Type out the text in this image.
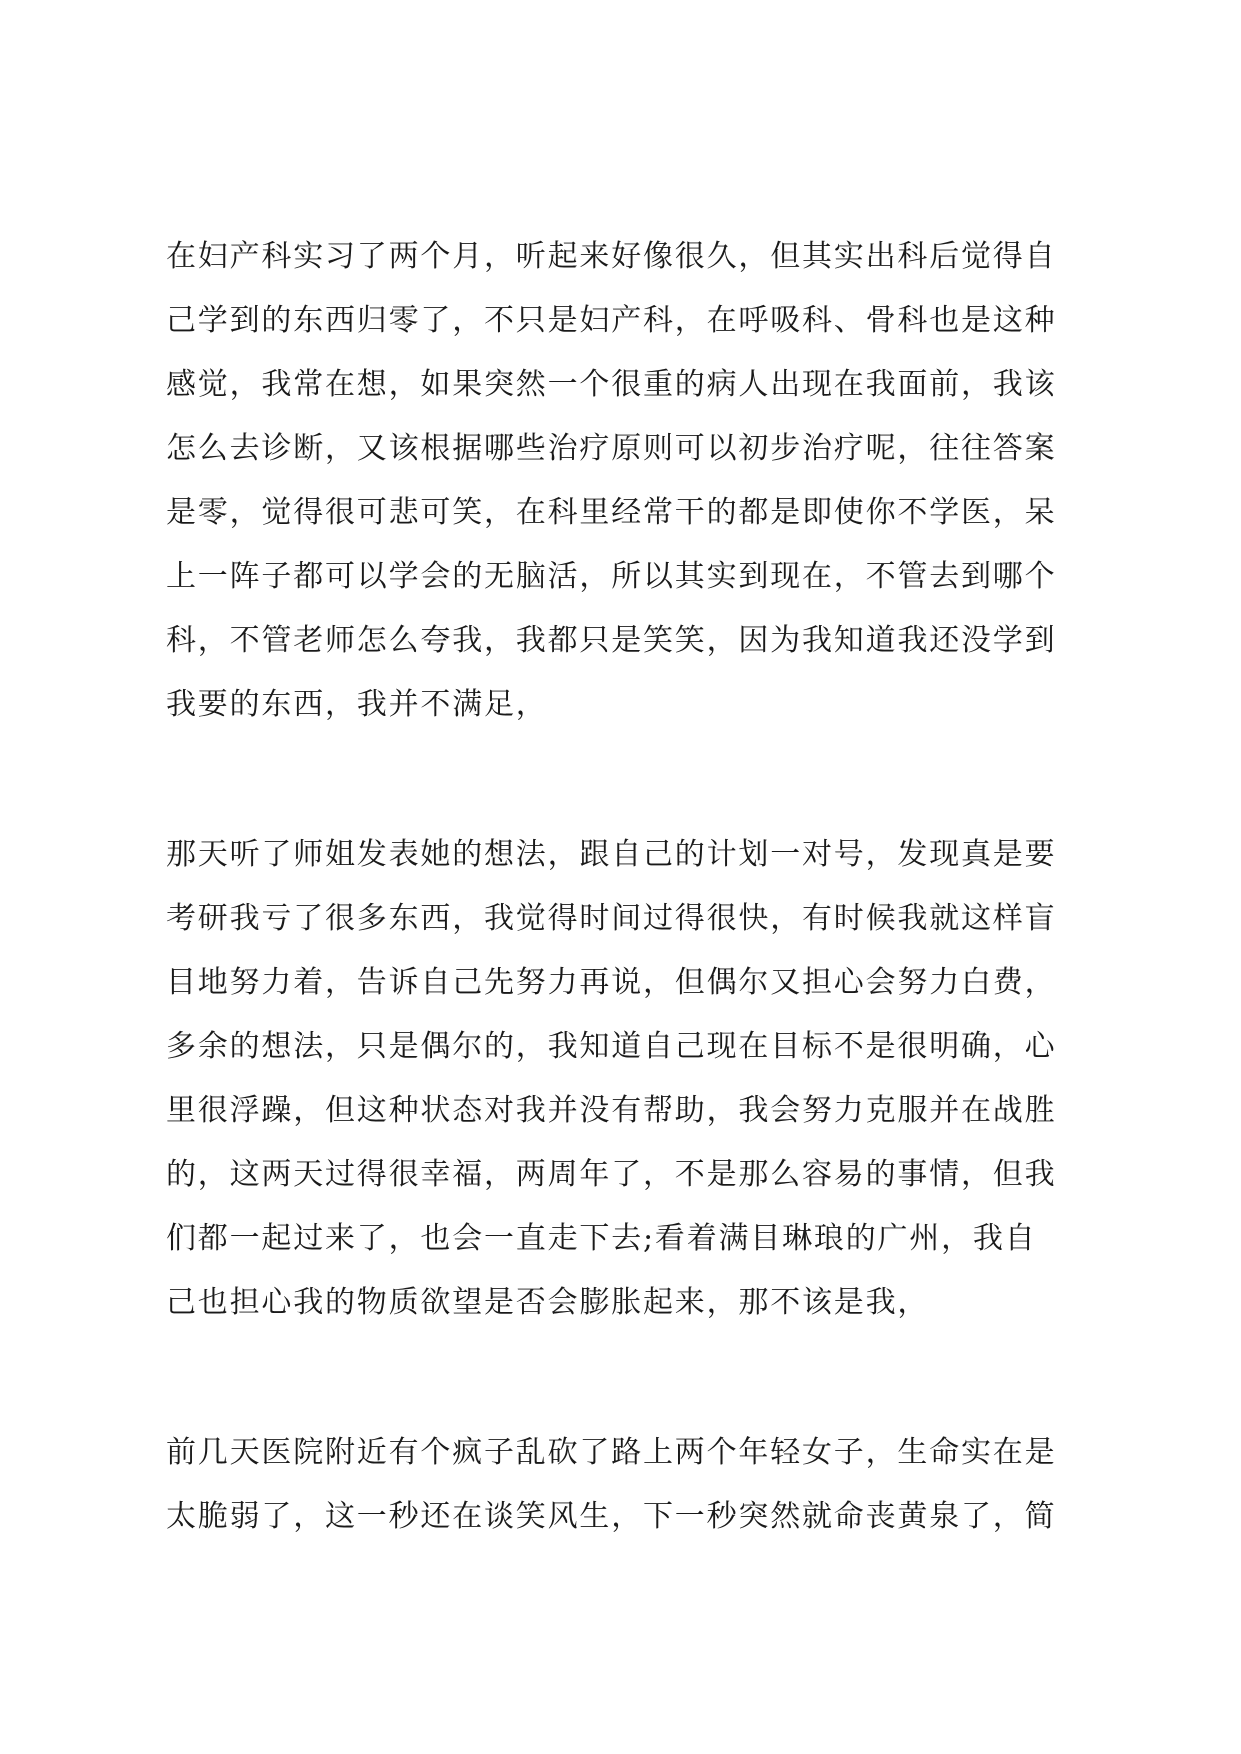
在妇产科实习了两个月，听起来好像很久，但其实出科后觉得自
己学到的东西归零了，不只是妇产科，在呼吸科、骨科也是这种
感觉，我常在想，如果突然一个很重的病人出现在我面前，我该
怎么去诊断，又该根据哪些治疗原则可以初步治疗呢，往往答案
是零，觉得很可悲可笑，在科里经常干的都是即使你不学医，呆
上一阵子都可以学会的无脑活，所以其实到现在，不管去到哪个
科，不管老师怎么夸我，我都只是笑笑，因为我知道我还没学到
我要的东西，我并不满足，
那天听了师姐发表她的想法，跟自己的计划一对号，发现真是要
考研我亏了很多东西，我觉得时间过得很快，有时候我就这样盲
目地努力着，告诉自己先努力再说，但偶尔又担心会努力白费，
多余的想法，只是偶尔的，我知道自己现在目标不是很明确，心
里很浮躁，但这种状态对我并没有帮助，我会努力克服并在战胜
的，这两天过得很幸福，两周年了，不是那么容易的事情，但我
们都一起过来了，也会一直走下去;看着满目琳琅的广州，我自
己也担心我的物质欲望是否会膨胀起来，那不该是我，
前几天医院附近有个疯子乱砍了路上两个年轻女子，生命实在是
太脆弱了，这一秒还在谈笑风生，下一秒突然就命丧黄泉了，简
